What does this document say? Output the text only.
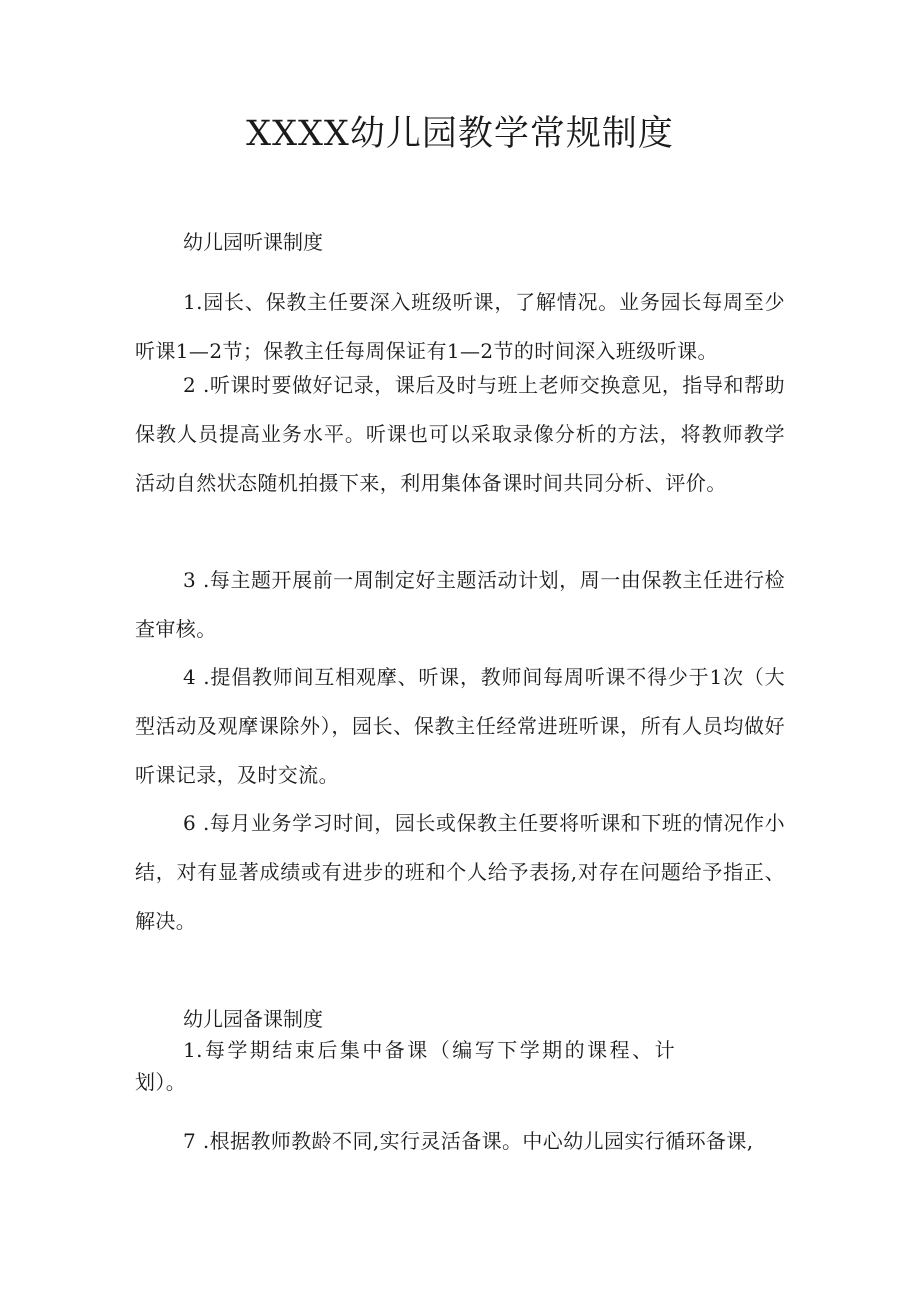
XXXX幼儿园教学常规制度
幼儿园听课制度

1.园长、保教主任要深入班级听课，了解情况。业务园长每周至少听课1—2节；保教主任每周保证有1—2节的时间深入班级听课。

2 .听课时要做好记录，课后及时与班上老师交换意见，指导和帮助保教人员提高业务水平。听课也可以采取录像分析的方法，将教师教学活动自然状态随机拍摄下来，利用集体备课时间共同分析、评价。

3 .每主题开展前一周制定好主题活动计划，周一由保教主任进行检查审核。

4 .提倡教师间互相观摩、听课，教师间每周听课不得少于1次（大型活动及观摩课除外），园长、保教主任经常进班听课，所有人员均做好听课记录，及时交流。

6 .每月业务学习时间，园长或保教主任要将听课和下班的情况作小结，对有显著成绩或有进步的班和个人给予表扬,对存在问题给予指正、解决。

幼儿园备课制度

1.每学期结束后集中备课（编写下学期的课程、计划）。

7 .根据教师教龄不同,实行灵活备课。中心幼儿园实行循环备课,
